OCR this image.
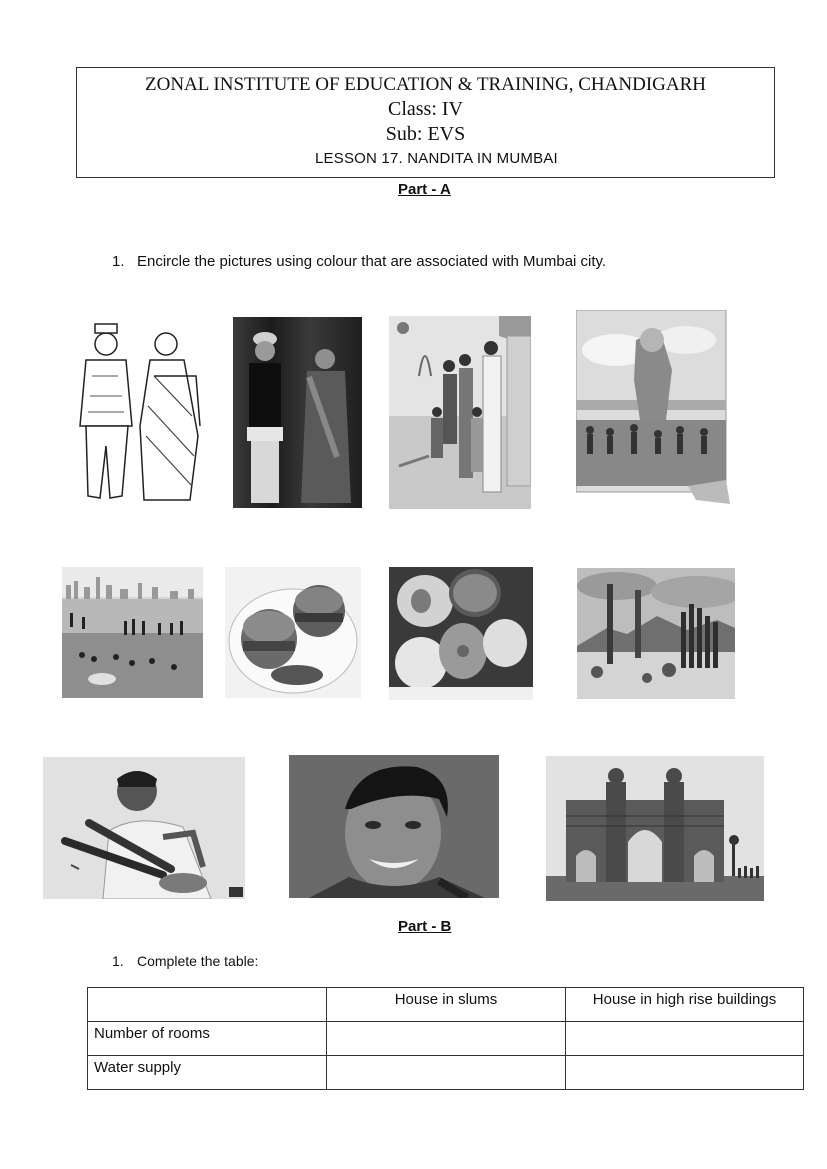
ZONAL INSTITUTE OF EDUCATION & TRAINING, CHANDIGARH
Class: IV
Sub: EVS
LESSON 17. NANDITA IN MUMBAI
Part - A
1. Encircle the pictures using colour that are associated with Mumbai city.
Part - B
1. Complete the table:
	House in slums	House in high rise buildings
Number of rooms		
Water supply		
